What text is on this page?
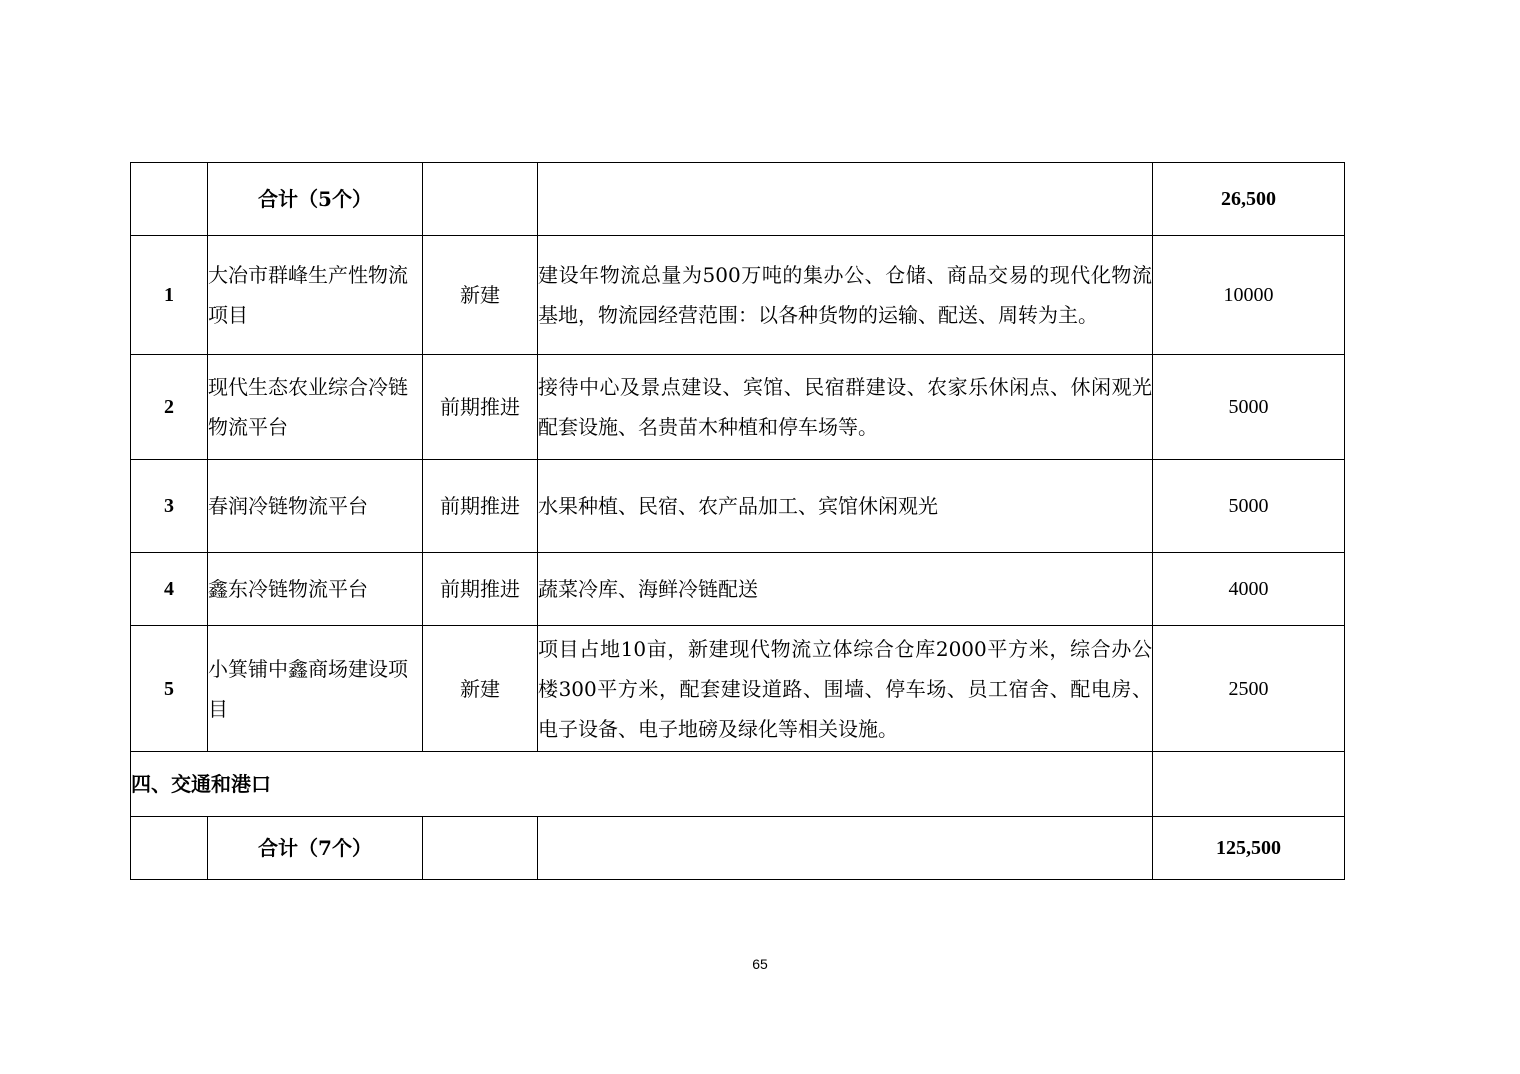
	合计（5个）			26,500
1	大冶市群峰生产性物流项目	新建	建设年物流总量为500万吨的集办公、仓储、商品交易的现代化物流基地，物流园经营范围：以各种货物的运输、配送、周转为主。	10000
2	现代生态农业综合冷链物流平台	前期推进	接待中心及景点建设、宾馆、民宿群建设、农家乐休闲点、休闲观光配套设施、名贵苗木种植和停车场等。	5000
3	春润冷链物流平台	前期推进	水果种植、民宿、农产品加工、宾馆休闲观光	5000
4	鑫东冷链物流平台	前期推进	蔬菜冷库、海鲜冷链配送	4000
5	小箕铺中鑫商场建设项目	新建	项目占地10亩，新建现代物流立体综合仓库2000平方米，综合办公楼300平方米，配套建设道路、围墙、停车场、员工宿舍、配电房、电子设备、电子地磅及绿化等相关设施。	2500
四、交通和港口				
	合计（7个）			125,500
65
